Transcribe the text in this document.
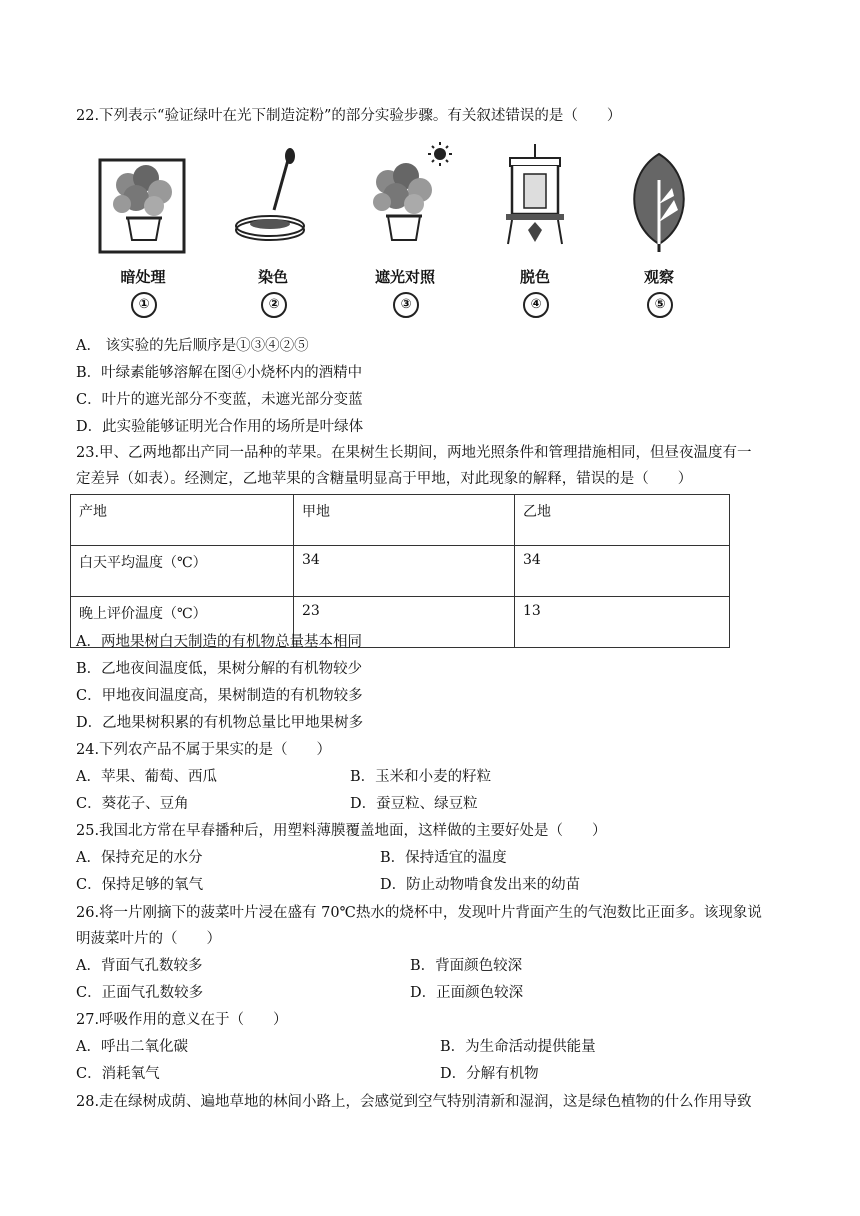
22.下列表示“验证绿叶在光下制造淀粉”的部分实验步骤。有关叙述错误的是（　　）
暗处理
①
染色
②
遮光对照
③
脱色
④
观察
⑤
A． 该实验的先后顺序是①③④②⑤
B．叶绿素能够溶解在图④小烧杯内的酒精中
C．叶片的遮光部分不变蓝，未遮光部分变蓝
D．此实验能够证明光合作用的场所是叶绿体
23.甲、乙两地都出产同一品种的苹果。在果树生长期间，两地光照条件和管理措施相同，但昼夜温度有一
定差异（如表）。经测定，乙地苹果的含糖量明显高于甲地，对此现象的解释，错误的是（　　）
产地	甲地	乙地
白天平均温度（℃）	34	34
晚上评价温度（℃）	23	13
A．两地果树白天制造的有机物总量基本相同
B．乙地夜间温度低，果树分解的有机物较少
C．甲地夜间温度高，果树制造的有机物较多
D．乙地果树积累的有机物总量比甲地果树多
24.下列农产品不属于果实的是（　　）
A．苹果、葡萄、西瓜	B．玉米和小麦的籽粒
C．葵花子、豆角	D．蚕豆粒、绿豆粒
25.我国北方常在早春播种后，用塑料薄膜覆盖地面，这样做的主要好处是（　　）
A．保持充足的水分	B．保持适宜的温度
C．保持足够的氧气	D．防止动物啃食发出来的幼苗
26.将一片刚摘下的菠菜叶片浸在盛有 70℃热水的烧杯中，发现叶片背面产生的气泡数比正面多。该现象说
明菠菜叶片的（　　）
A．背面气孔数较多	B．背面颜色较深
C．正面气孔数较多	D．正面颜色较深
27.呼吸作用的意义在于（　　）
A．呼出二氧化碳	B．为生命活动提供能量
C．消耗氧气	D．分解有机物
28.走在绿树成荫、遍地草地的林间小路上，会感觉到空气特别清新和湿润，这是绿色植物的什么作用导致
